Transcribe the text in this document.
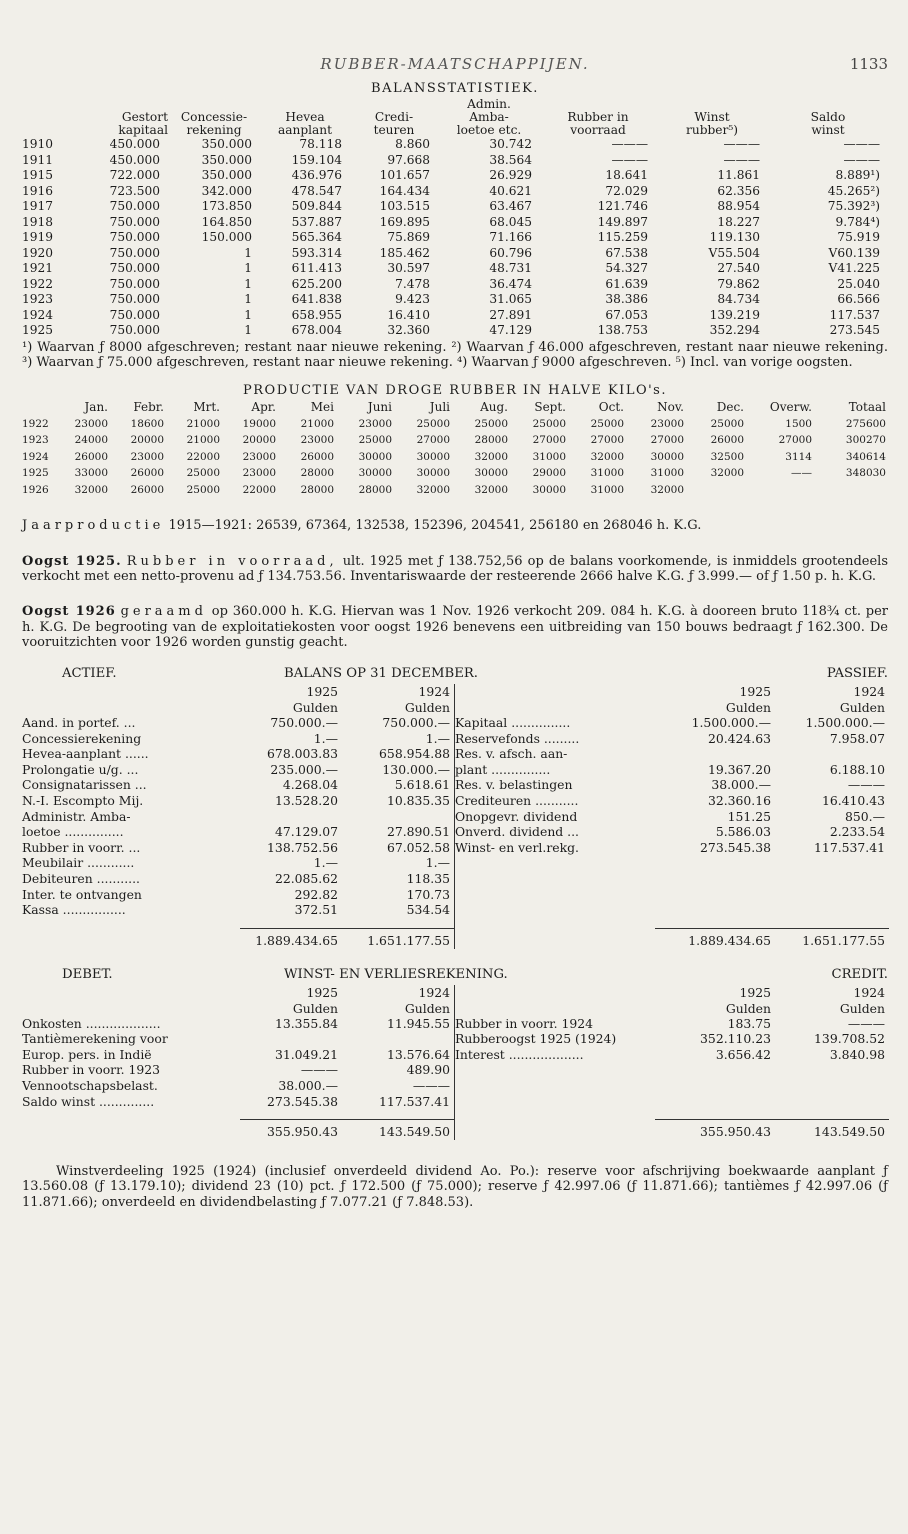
RUBBER-MAATSCHAPPIJEN.	1133
BALANSSTATISTIEK.
					Admin.			
	Gestort	Concessie-	Hevea	Credi-	Amba-	Rubber in	Winst	Saldo
	kapitaal	rekening	aanplant	teuren	loetoe etc.	voorraad	rubber⁵)	winst
1910	450.000	350.000	78.118	8.860	30.742	———	———	———
1911	450.000	350.000	159.104	97.668	38.564	———	———	———
1915	722.000	350.000	436.976	101.657	26.929	18.641	11.861	8.889¹)
1916	723.500	342.000	478.547	164.434	40.621	72.029	62.356	45.265²)
1917	750.000	173.850	509.844	103.515	63.467	121.746	88.954	75.392³)
1918	750.000	164.850	537.887	169.895	68.045	149.897	18.227	9.784⁴)
1919	750.000	150.000	565.364	75.869	71.166	115.259	119.130	75.919
1920	750.000	1	593.314	185.462	60.796	67.538	V55.504	V60.139
1921	750.000	1	611.413	30.597	48.731	54.327	27.540	V41.225
1922	750.000	1	625.200	7.478	36.474	61.639	79.862	25.040
1923	750.000	1	641.838	9.423	31.065	38.386	84.734	66.566
1924	750.000	1	658.955	16.410	27.891	67.053	139.219	117.537
1925	750.000	1	678.004	32.360	47.129	138.753	352.294	273.545

¹) Waarvan ƒ 8000 afgeschreven; restant naar nieuwe rekening. ²) Waarvan ƒ 46.000 afgeschreven, restant naar nieuwe rekening. ³) Waarvan ƒ 75.000 afgeschreven, restant naar nieuwe rekening. ⁴) Waarvan ƒ 9000 afgeschreven. ⁵) Incl. van vorige oogsten.

PRODUCTIE VAN DROGE RUBBER IN HALVE KILO's.
	Jan.	Febr.	Mrt.	Apr.	Mei	Juni	Juli	Aug.	Sept.	Oct.	Nov.	Dec.	Overw.	Totaal
1922	23000	18600	21000	19000	21000	23000	25000	25000	25000	25000	23000	25000	1500	275600
1923	24000	20000	21000	20000	23000	25000	27000	28000	27000	27000	27000	26000	27000	300270
1924	26000	23000	22000	23000	26000	30000	30000	32000	31000	32000	30000	32500	3114	340614
1925	33000	26000	25000	23000	28000	30000	30000	30000	29000	31000	31000	32000	——	348030
1926	32000	26000	25000	22000	28000	28000	32000	32000	30000	31000	32000			

Jaarproductie 1915—1921: 26539, 67364, 132538, 152396, 204541, 256180 en 268046 h. K.G.

Oogst 1925. Rubber in voorraad, ult. 1925 met ƒ 138.752,56 op de balans voorkomende, is inmiddels grootendeels verkocht met een netto-provenu ad ƒ 134.753.56. Inventariswaarde der resteerende 2666 halve K.G. ƒ 3.999.— of ƒ 1.50 p. h. K.G.

Oogst 1926 geraamd op 360.000 h. K.G. Hiervan was 1 Nov. 1926 verkocht 209. 084 h. K.G. à dooreen bruto 118¾ ct. per h. K.G. De begrooting van de exploitatiekosten voor oogst 1926 benevens een uitbreiding van 150 bouws bedraagt ƒ 162.300. De vooruitzichten voor 1926 worden gunstig geacht.

ACTIEF.	BALANS OP 31 DECEMBER.	PASSIEF.
	1925	1924
	Gulden	Gulden
Aand. in portef. ...	750.000.—	750.000.—
Concessierekening	1.—	1.—
Hevea-aanplant ......	678.003.83	658.954.88
Prolongatie u/g. ...	235.000.—	130.000.—
Consignatarissen ...	4.268.04	5.618.61
N.-I. Escompto Mij.	13.528.20	10.835.35
Administr. Amba-		
loetoe ...............	47.129.07	27.890.51
Rubber in voorr. ...	138.752.56	67.052.58
Meubilair ............	1.—	1.—
Debiteuren ...........	22.085.62	118.35
Inter. te ontvangen	292.82	170.73
Kassa ................	372.51	534.54
	1925	1924
	Gulden	Gulden
Kapitaal ...............	1.500.000.—	1.500.000.—
Reservefonds .........	20.424.63	7.958.07
Res. v. afsch. aan-		
plant ...............	19.367.20	6.188.10
Res. v. belastingen	38.000.—	———
Crediteuren ...........	32.360.16	16.410.43
Onopgevr. dividend	151.25	850.—
Onverd. dividend ...	5.586.03	2.233.54
Winst- en verl.rekg.	273.545.38	117.537.41
	1.889.434.65	1.651.177.55
		1.889.434.65	1.651.177.55
DEBET.	WINST- EN VERLIESREKENING.	CREDIT.
	1925	1924
	Gulden	Gulden
Onkosten ...................	13.355.84	11.945.55
Tantièmerekening voor		
Europ. pers. in Indië	31.049.21	13.576.64
Rubber in voorr. 1923	———	489.90
Vennootschapsbelast.	38.000.—	———
Saldo winst ..............	273.545.38	117.537.41
	1925	1924
	Gulden	Gulden
Rubber in voorr. 1924	183.75	———
Rubberoogst 1925 (1924)	352.110.23	139.708.52
Interest ...................	3.656.42	3.840.98
	355.950.43	143.549.50
		355.950.43	143.549.50

Winstverdeeling 1925 (1924) (inclusief onverdeeld dividend Ao. Po.): reserve voor afschrijving boekwaarde aanplant ƒ 13.560.08 (ƒ 13.179.10); dividend 23 (10) pct. ƒ 172.500 (ƒ 75.000); reserve ƒ 42.997.06 (ƒ 11.871.66); tantièmes ƒ 42.997.06 (ƒ 11.871.66); onverdeeld en dividendbelasting ƒ 7.077.21 (ƒ 7.848.53).
